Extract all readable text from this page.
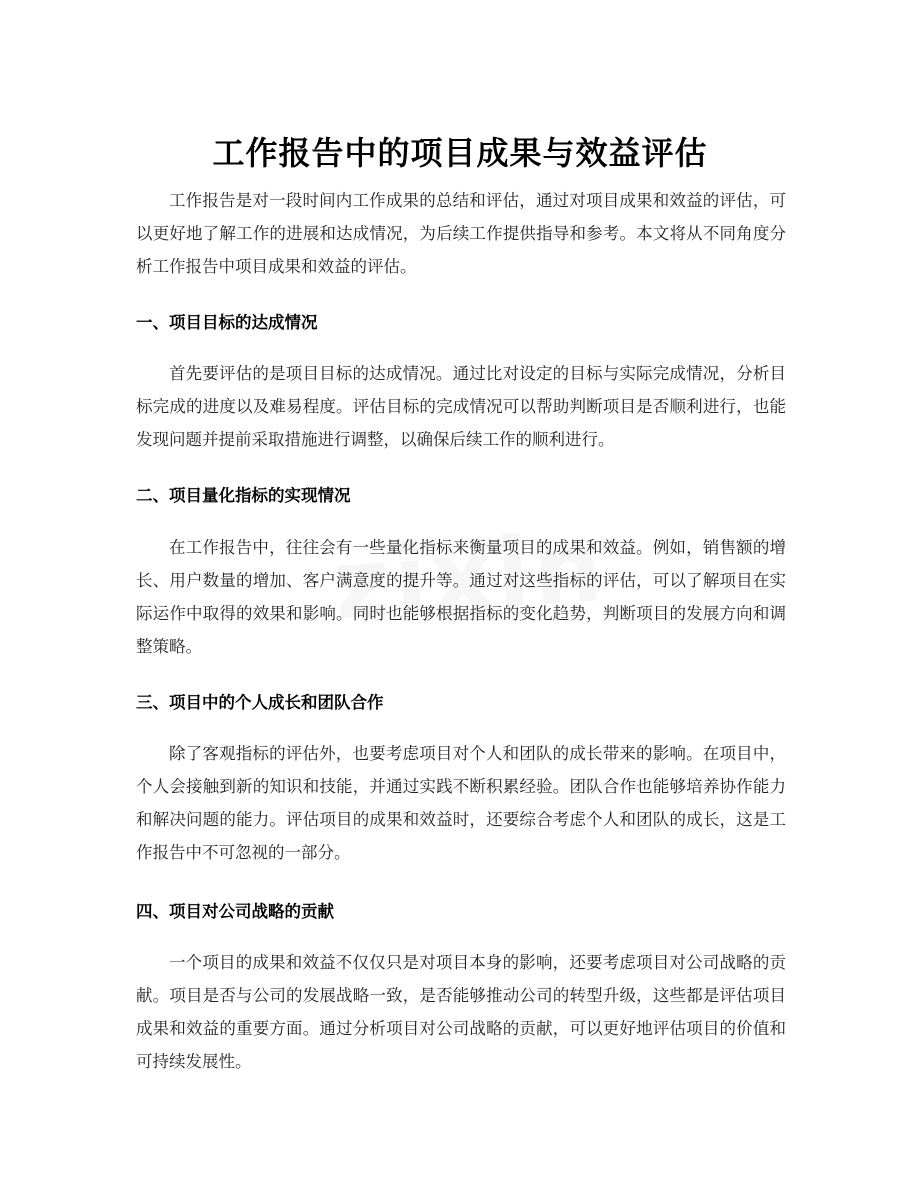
工作报告中的项目成果与效益评估

工作报告是对一段时间内工作成果的总结和评估，通过对项目成果和效益的评估，可以更好地了解工作的进展和达成情况，为后续工作提供指导和参考。本文将从不同角度分析工作报告中项目成果和效益的评估。

一、项目目标的达成情况

首先要评估的是项目目标的达成情况。通过比对设定的目标与实际完成情况，分析目标完成的进度以及难易程度。评估目标的完成情况可以帮助判断项目是否顺利进行，也能发现问题并提前采取措施进行调整，以确保后续工作的顺利进行。

二、项目量化指标的实现情况

在工作报告中，往往会有一些量化指标来衡量项目的成果和效益。例如，销售额的增长、用户数量的增加、客户满意度的提升等。通过对这些指标的评估，可以了解项目在实际运作中取得的效果和影响。同时也能够根据指标的变化趋势，判断项目的发展方向和调整策略。

三、项目中的个人成长和团队合作

除了客观指标的评估外，也要考虑项目对个人和团队的成长带来的影响。在项目中，个人会接触到新的知识和技能，并通过实践不断积累经验。团队合作也能够培养协作能力和解决问题的能力。评估项目的成果和效益时，还要综合考虑个人和团队的成长，这是工作报告中不可忽视的一部分。

四、项目对公司战略的贡献

一个项目的成果和效益不仅仅只是对项目本身的影响，还要考虑项目对公司战略的贡献。项目是否与公司的发展战略一致，是否能够推动公司的转型升级，这些都是评估项目成果和效益的重要方面。通过分析项目对公司战略的贡献，可以更好地评估项目的价值和可持续发展性。
